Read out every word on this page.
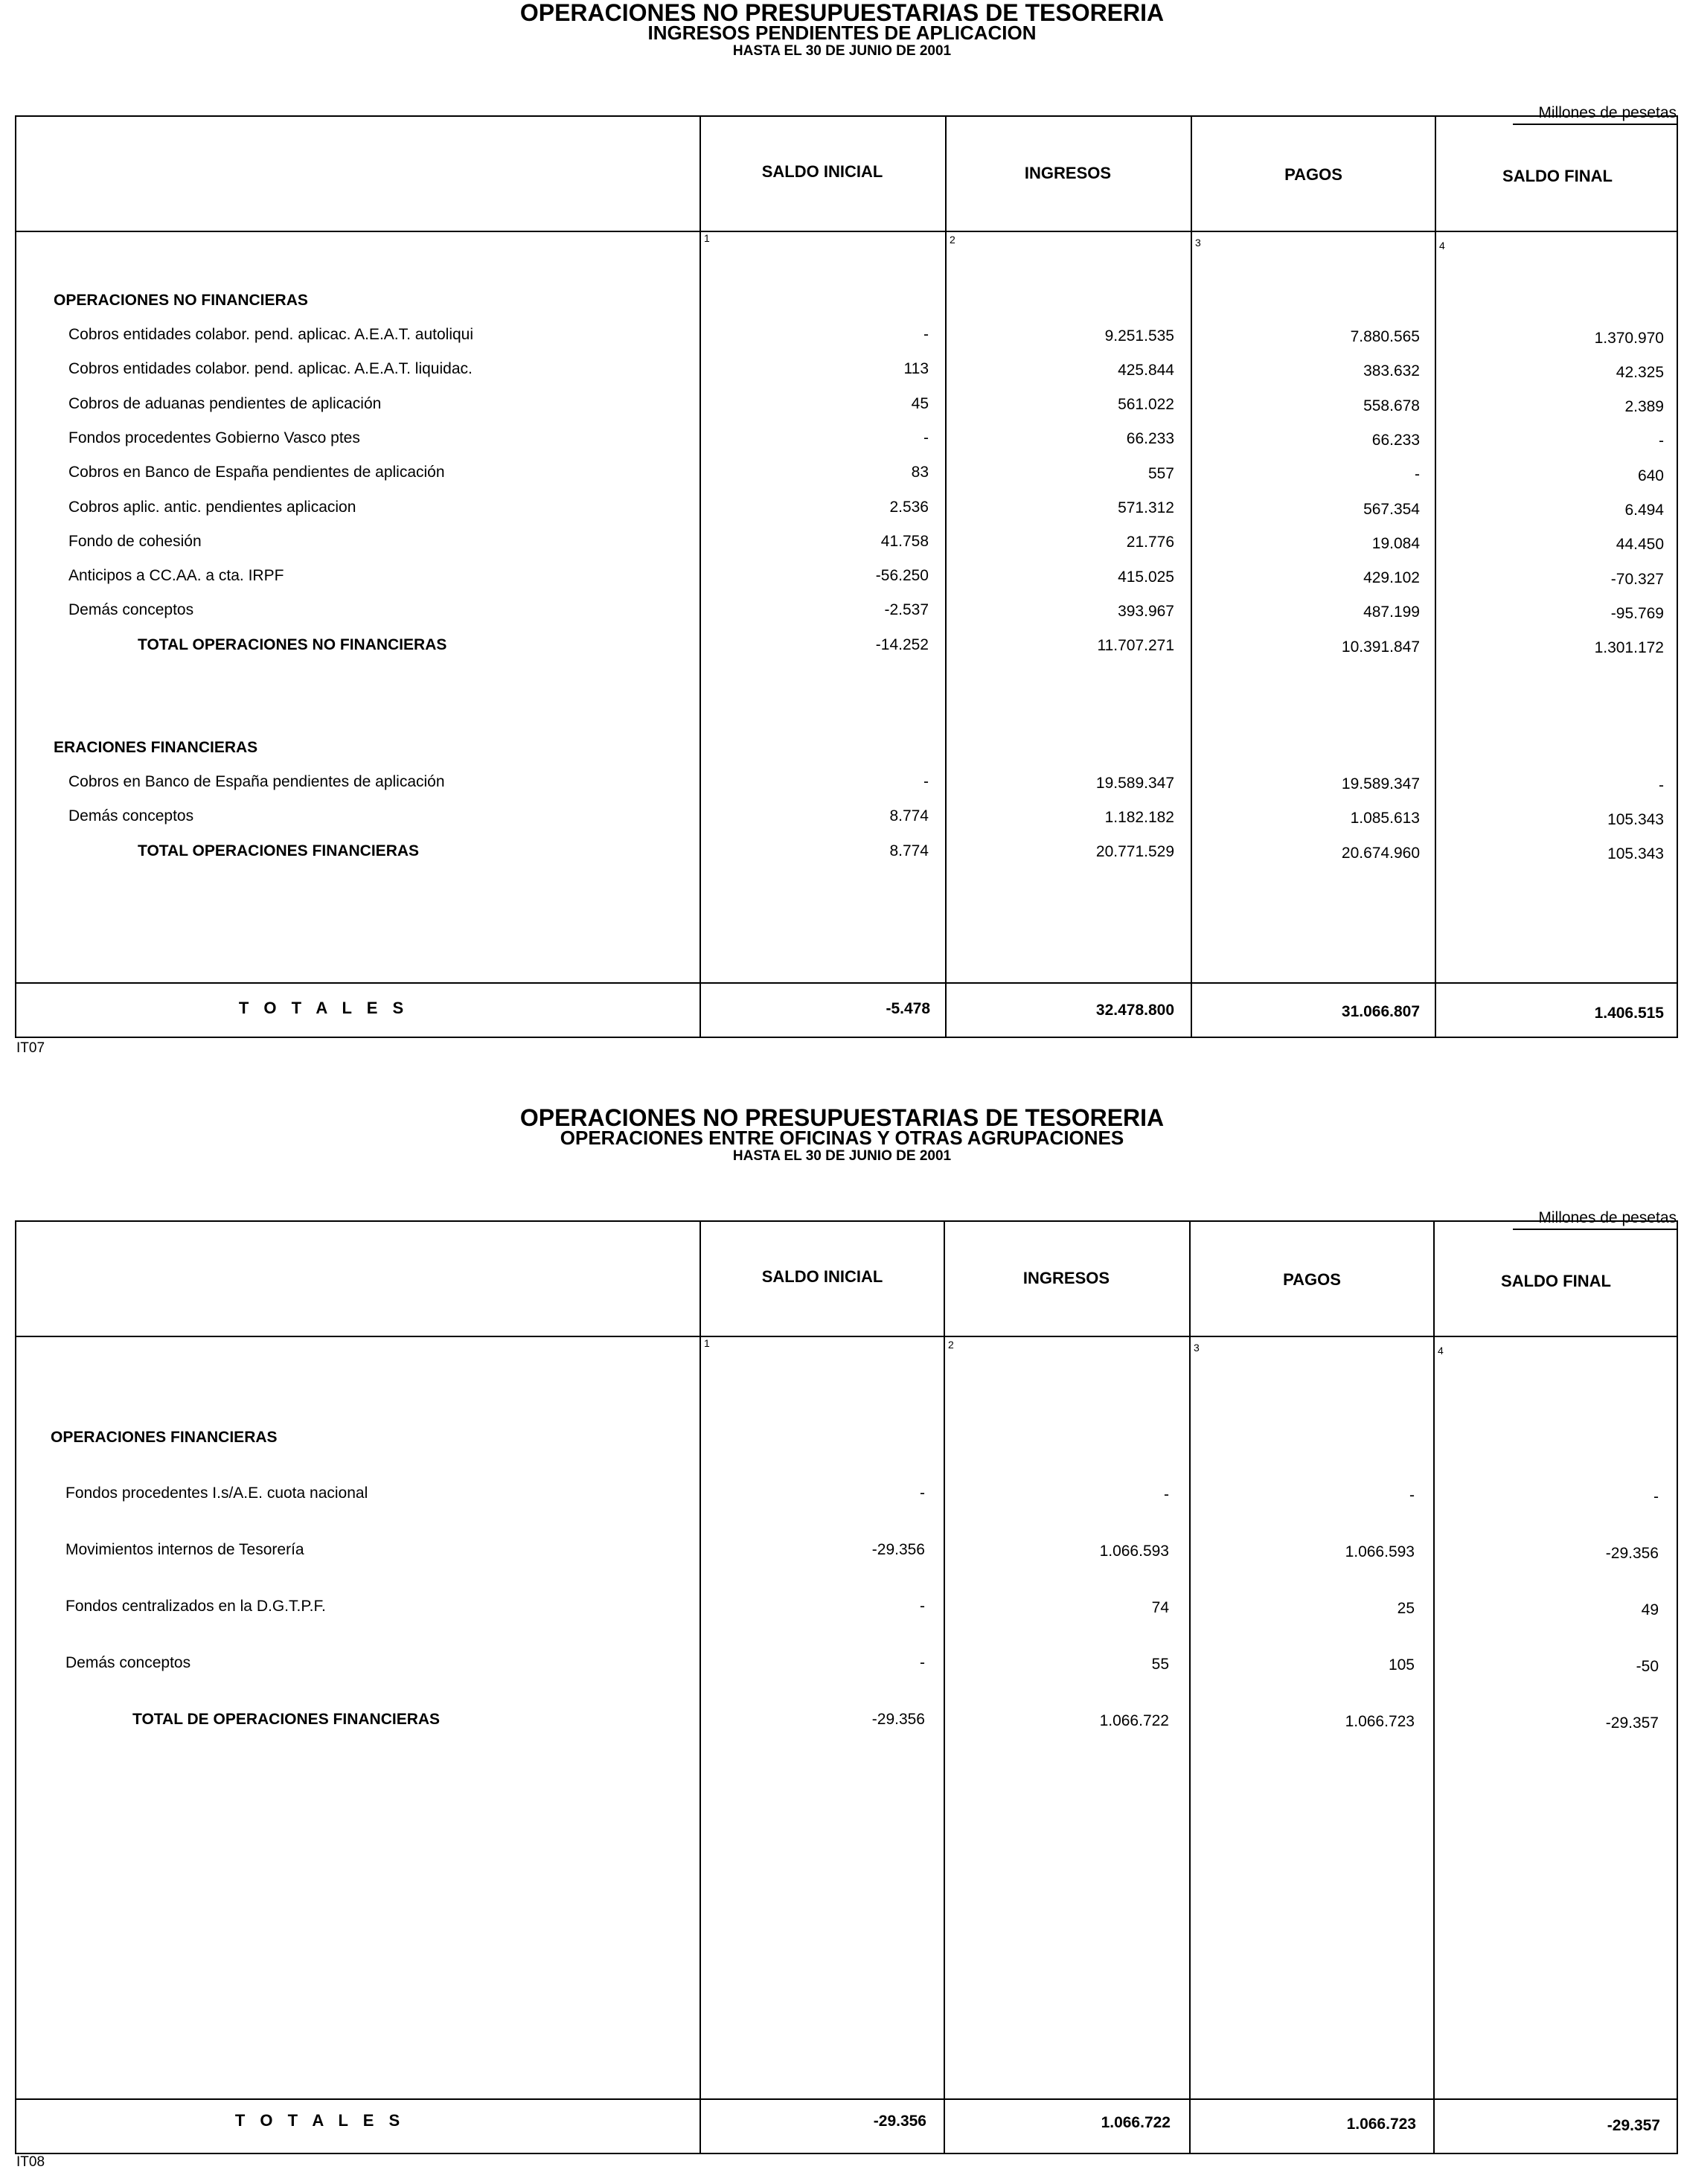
OPERACIONES NO PRESUPUESTARIAS DE TESORERIA
INGRESOS PENDIENTES DE APLICACION
HASTA EL 30 DE JUNIO DE 2001
Millones de pesetas
SALDO INICIAL	INGRESOS	PAGOS	SALDO FINAL
1	2	3	4
OPERACIONES NO FINANCIERAS
Cobros entidades colabor. pend. aplicac. A.E.A.T. autoliqui	-	9.251.535	7.880.565	1.370.970
Cobros entidades colabor. pend. aplicac. A.E.A.T. liquidac.	113	425.844	383.632	42.325
Cobros de aduanas pendientes de aplicación	45	561.022	558.678	2.389
Fondos procedentes Gobierno Vasco ptes	-	66.233	66.233	-
Cobros en Banco de España pendientes de aplicación	83	557	-	640
Cobros aplic. antic. pendientes aplicacion	2.536	571.312	567.354	6.494
Fondo de cohesión	41.758	21.776	19.084	44.450
Anticipos a CC.AA. a cta. IRPF	-56.250	415.025	429.102	-70.327
Demás conceptos	-2.537	393.967	487.199	-95.769
TOTAL OPERACIONES NO FINANCIERAS	-14.252	11.707.271	10.391.847	1.301.172
ERACIONES FINANCIERAS
Cobros en Banco de España pendientes de aplicación	-	19.589.347	19.589.347	-
Demás conceptos	8.774	1.182.182	1.085.613	105.343
TOTAL OPERACIONES FINANCIERAS	8.774	20.771.529	20.674.960	105.343
T O T A L E S	-5.478	32.478.800	31.066.807	1.406.515
IT07
OPERACIONES NO PRESUPUESTARIAS DE TESORERIA
OPERACIONES ENTRE OFICINAS Y OTRAS AGRUPACIONES
HASTA EL 30 DE JUNIO DE 2001
Millones de pesetas
SALDO INICIAL	INGRESOS	PAGOS	SALDO FINAL
1	2	3	4
OPERACIONES FINANCIERAS
Fondos procedentes I.s/A.E. cuota nacional	-	-	-	-
Movimientos internos de Tesorería	-29.356	1.066.593	1.066.593	-29.356
Fondos centralizados en la D.G.T.P.F.	-	74	25	49
Demás conceptos	-	55	105	-50
TOTAL DE OPERACIONES FINANCIERAS	-29.356	1.066.722	1.066.723	-29.357
T O T A L E S	-29.356	1.066.722	1.066.723	-29.357
IT08
